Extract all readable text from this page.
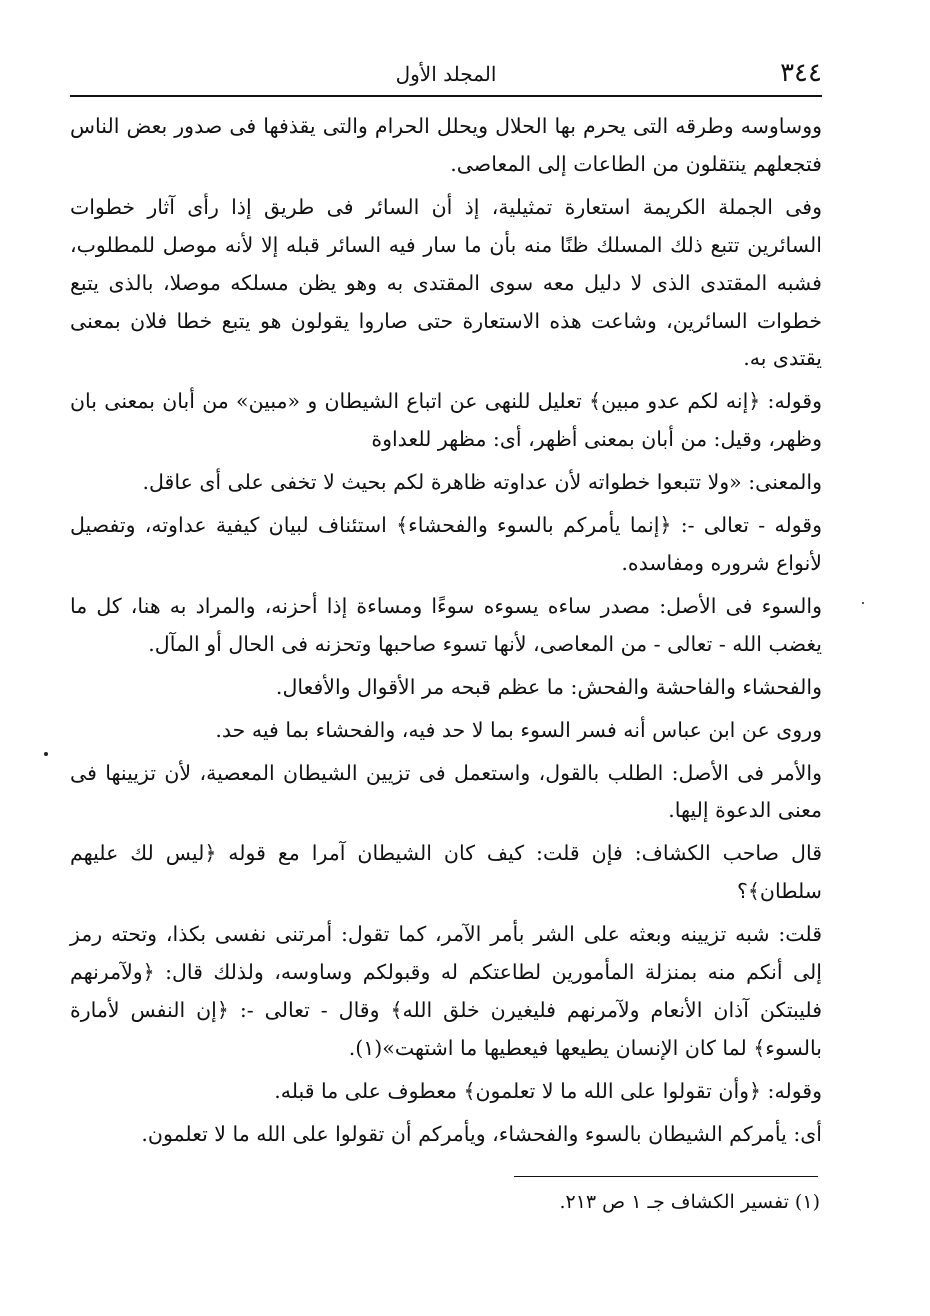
٣٤٤
المجلد الأول

ووساوسه وطرقه التى يحرم بها الحلال ويحلل الحرام والتى يقذفها فى صدور بعض الناس فتجعلهم ينتقلون من الطاعات إلى المعاصى.

وفى الجملة الكريمة استعارة تمثيلية، إذ أن السائر فى طريق إذا رأى آثار خطوات السائرين تتبع ذلك المسلك ظنًا منه بأن ما سار فيه السائر قبله إلا لأنه موصل للمطلوب، فشبه المقتدى الذى لا دليل معه سوى المقتدى به وهو يظن مسلكه موصلا، بالذى يتبع خطوات السائرين، وشاعت هذه الاستعارة حتى صاروا يقولون هو يتبع خطا فلان بمعنى يقتدى به.

وقوله: ﴿إنه لكم عدو مبين﴾ تعليل للنهى عن اتباع الشيطان و «مبين» من أبان بمعنى بان وظهر، وقيل: من أبان بمعنى أظهر، أى: مظهر للعداوة

والمعنى: «ولا تتبعوا خطواته لأن عداوته ظاهرة لكم بحيث لا تخفى على أى عاقل.

وقوله - تعالى -: ﴿إنما يأمركم بالسوء والفحشاء﴾ استئناف لبيان كيفية عداوته، وتفصيل لأنواع شروره ومفاسده.

والسوء فى الأصل: مصدر ساءه يسوءه سوءًا ومساءة إذا أحزنه، والمراد به هنا، كل ما يغضب الله - تعالى - من المعاصى، لأنها تسوء صاحبها وتحزنه فى الحال أو المآل.

والفحشاء والفاحشة والفحش: ما عظم قبحه مر الأقوال والأفعال.

وروى عن ابن عباس أنه فسر السوء بما لا حد فيه، والفحشاء بما فيه حد.

والأمر فى الأصل: الطلب بالقول، واستعمل فى تزيين الشيطان المعصية، لأن تزيينها فى معنى الدعوة إليها.

قال صاحب الكشاف: فإن قلت: كيف كان الشيطان آمرا مع قوله ﴿ليس لك عليهم سلطان﴾؟

قلت: شبه تزيينه وبعثه على الشر بأمر الآمر، كما تقول: أمرتنى نفسى بكذا، وتحته رمز إلى أنكم منه بمنزلة المأمورين لطاعتكم له وقبولكم وساوسه، ولذلك قال: ﴿ولآمرنهم فليبتكن آذان الأنعام ولآمرنهم فليغيرن خلق الله﴾ وقال - تعالى -: ﴿إن النفس لأمارة بالسوء﴾ لما كان الإنسان يطيعها فيعطيها ما اشتهت»(١).

وقوله: ﴿وأن تقولوا على الله ما لا تعلمون﴾ معطوف على ما قبله.

أى: يأمركم الشيطان بالسوء والفحشاء، ويأمركم أن تقولوا على الله ما لا تعلمون.

(١) تفسير الكشاف جـ ١ ص ٢١٣.
